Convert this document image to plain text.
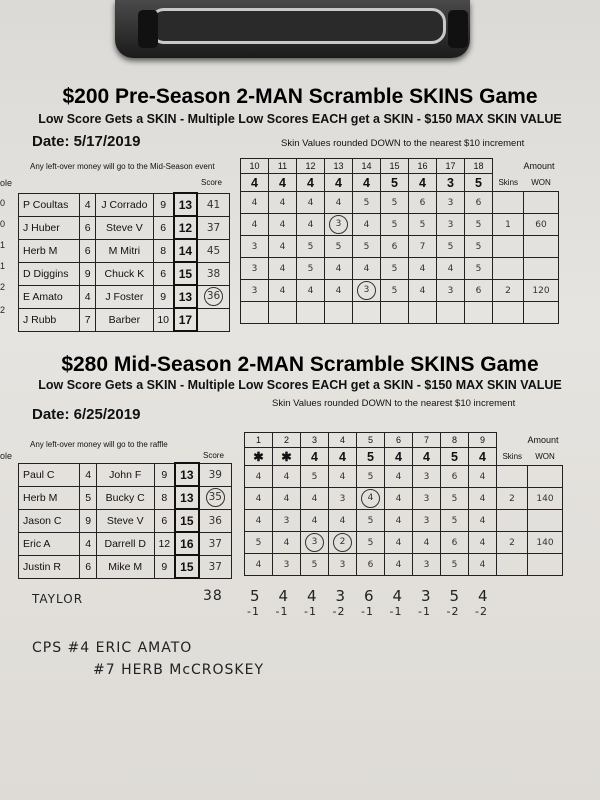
$200 Pre-Season 2-MAN Scramble SKINS Game
Low Score Gets a SKIN - Multiple Low Scores EACH get a SKIN - $150 MAX SKIN VALUE
Date: 5/17/2019	Skin Values rounded DOWN to the nearest $10 increment
Any left-over money will go to the Mid-Season event
Score
ole
0
0
1
1
2
2
P Coultas	4	J Corrado	9	13	41
J Huber	6	Steve V	6	12	37
Herb M	6	M Mitri	8	14	45
D Diggins	9	Chuck K	6	15	38
E Amato	4	J Foster	9	13	36
J Rubb	7	Barber	10	17	
10	11	12	13	14	15	16	17	18	Amount	
4	4	4	4	4	5	4	3	5	Skins	WON
4	4	4	4	5	5	6	3	6		
4	4	4	3	4	5	5	3	5	1	60
3	4	5	5	5	6	7	5	5		
3	4	5	4	4	5	4	4	5		
3	4	4	4	3	5	4	3	6	2	120

$280 Mid-Season 2-MAN Scramble SKINS Game
Low Score Gets a SKIN - Multiple Low Scores EACH get a SKIN - $150 MAX SKIN VALUE
Date: 6/25/2019
Skin Values rounded DOWN to the nearest $10 increment
Any left-over money will go to the raffle
Score
ole
Paul C	4	John F	9	13	39
Herb M	5	Bucky C	8	13	35
Jason C	9	Steve V	6	15	36
Eric A	4	Darrell D	12	16	37
Justin R	6	Mike M	9	15	37
1	2	3	4	5	6	7	8	9	Amount	
✱	✱	4	4	5	4	4	5	4	Skins	WON
4	4	5	4	5	4	3	6	4		
4	4	4	3	4	4	3	5	4	2	140
4	3	4	4	5	4	3	5	4		
5	4	3	2	5	4	4	6	4	2	140
4	3	5	3	6	4	3	5	4		
TAYLOR	38 5 4 4 3 6 4 3 5 4
-1 -1 -1 -2 -1 -1 -1 -2 -2
CPS #4 ERIC AMATO
#7 HERB McCROSKEY
